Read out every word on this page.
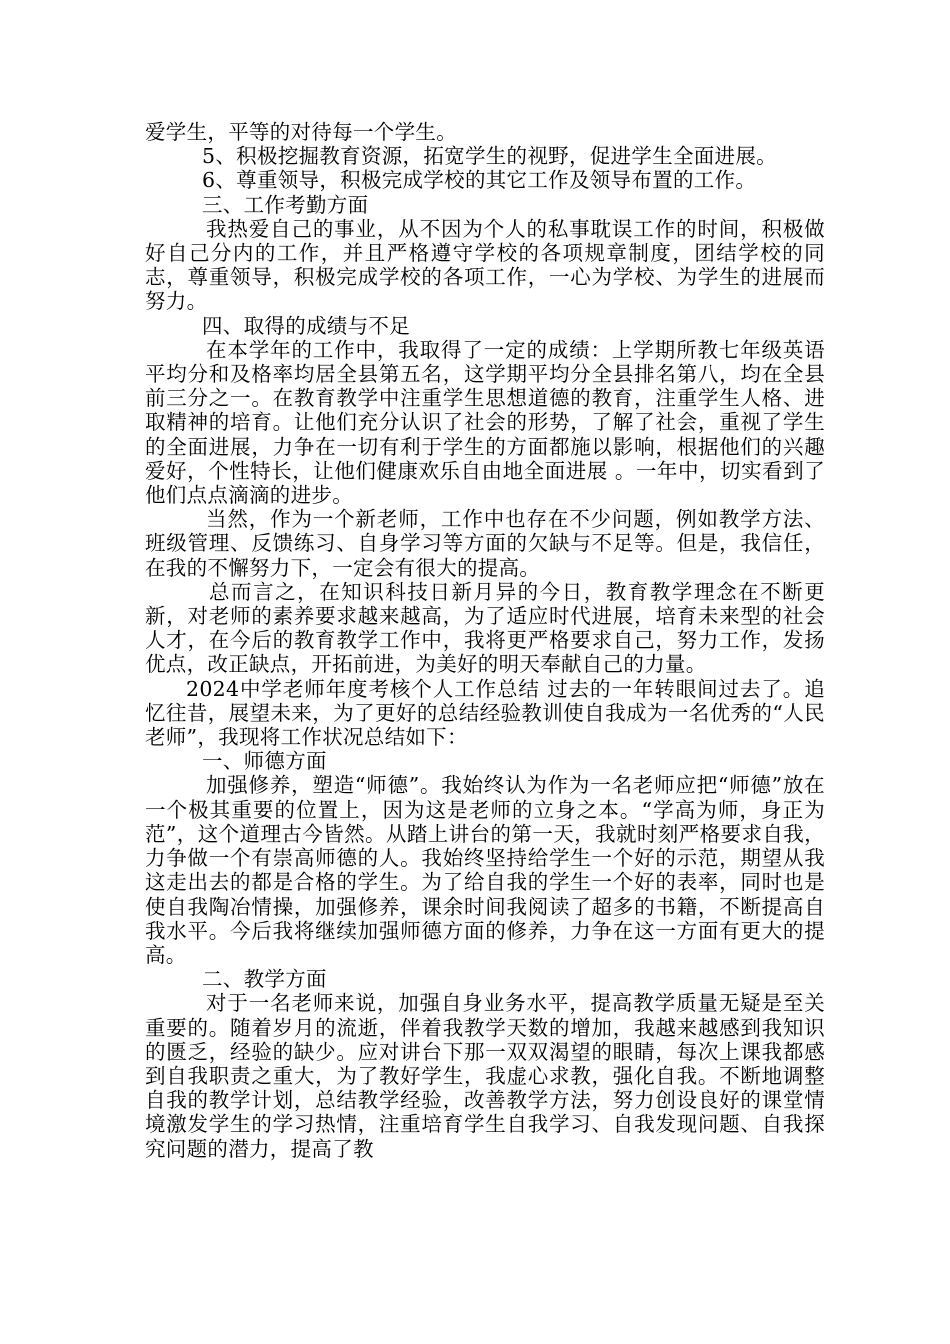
爱学生，平等的对待每一个学生。

5、积极挖掘教育资源，拓宽学生的视野，促进学生全面进展。

6、尊重领导，积极完成学校的其它工作及领导布置的工作。

三、工作考勤方面

我热爱自己的事业，从不因为个人的私事耽误工作的时间，积极做好自己分内的工作，并且严格遵守学校的各项规章制度，团结学校的同志，尊重领导，积极完成学校的各项工作，一心为学校、为学生的进展而努力。

四、取得的成绩与不足

在本学年的工作中，我取得了一定的成绩：上学期所教七年级英语平均分和及格率均居全县第五名，这学期平均分全县排名第八，均在全县前三分之一。在教育教学中注重学生思想道德的教育，注重学生人格、进取精神的培育。让他们充分认识了社会的形势，了解了社会，重视了学生的全面进展，力争在一切有利于学生的方面都施以影响，根据他们的兴趣爱好，个性特长，让他们健康欢乐自由地全面进展 。一年中，切实看到了他们点点滴滴的进步。

当然，作为一个新老师，工作中也存在不少问题，例如教学方法、班级管理、反馈练习、自身学习等方面的欠缺与不足等。但是，我信任，在我的不懈努力下，一定会有很大的提高。

总而言之，在知识科技日新月异的今日，教育教学理念在不断更新，对老师的素养要求越来越高，为了适应时代进展，培育未来型的社会人才，在今后的教育教学工作中，我将更严格要求自己，努力工作，发扬优点，改正缺点，开拓前进，为美好的明天奉献自己的力量。

2024中学老师年度考核个人工作总结 过去的一年转眼间过去了。追忆往昔，展望未来，为了更好的总结经验教训使自我成为一名优秀的“人民老师”，我现将工作状况总结如下：

一、师德方面

加强修养，塑造“师德”。我始终认为作为一名老师应把“师德”放在一个极其重要的位置上，因为这是老师的立身之本。“学高为师，身正为范”，这个道理古今皆然。从踏上讲台的第一天，我就时刻严格要求自我，力争做一个有崇高师德的人。我始终坚持给学生一个好的示范，期望从我这走出去的都是合格的学生。为了给自我的学生一个好的表率，同时也是使自我陶冶情操，加强修养，课余时间我阅读了超多的书籍，不断提高自我水平。今后我将继续加强师德方面的修养，力争在这一方面有更大的提高。

二、教学方面

对于一名老师来说，加强自身业务水平，提高教学质量无疑是至关重要的。随着岁月的流逝，伴着我教学天数的增加，我越来越感到我知识的匮乏，经验的缺少。应对讲台下那一双双渴望的眼睛，每次上课我都感到自我职责之重大，为了教好学生，我虚心求教，强化自我。不断地调整自我的教学计划，总结教学经验，改善教学方法，努力创设良好的课堂情境激发学生的学习热情，注重培育学生自我学习、自我发现问题、自我探究问题的潜力，提高了教
